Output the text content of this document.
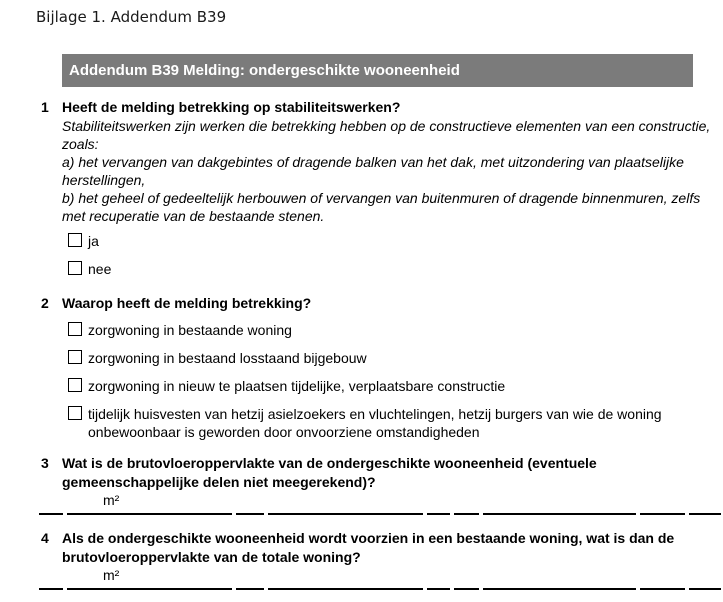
Bijlage 1. Addendum B39
Addendum B39 Melding: ondergeschikte wooneenheid
1 Heeft de melding betrekking op stabiliteitswerken?

Stabiliteitswerken zijn werken die betrekking hebben op de constructieve elementen van een constructie, zoals:

a) het vervangen van dakgebintes of dragende balken van het dak, met uitzondering van plaatselijke herstellingen,

b) het geheel of gedeeltelijk herbouwen of vervangen van buitenmuren of dragende binnenmuren, zelfs met recuperatie van de bestaande stenen.

ja
nee
2 Waarop heeft de melding betrekking?
zorgwoning in bestaande woning
zorgwoning in bestaand losstaand bijgebouw
zorgwoning in nieuw te plaatsen tijdelijke, verplaatsbare constructie
tijdelijk huisvesten van hetzij asielzoekers en vluchtelingen, hetzij burgers van wie de woning onbewoonbaar is geworden door onvoorziene omstandigheden
3 Wat is de brutovloeroppervlakte van de ondergeschikte wooneenheid (eventuele gemeenschappelijke delen niet meegerekend)?
m²
4 Als de ondergeschikte wooneenheid wordt voorzien in een bestaande woning, wat is dan de brutovloeroppervlakte van de totale woning?
m²
